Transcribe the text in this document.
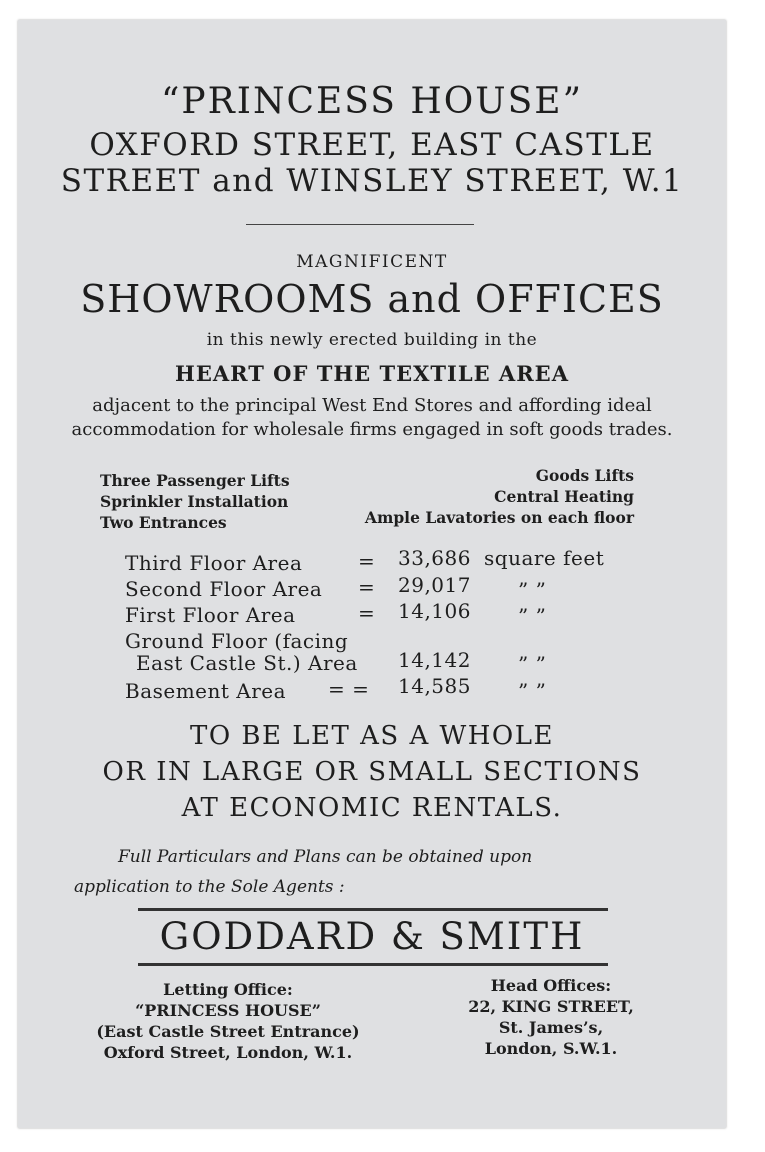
“PRINCESS HOUSE”
OXFORD STREET, EAST CASTLE
STREET and WINSLEY STREET, W.1
MAGNIFICENT
SHOWROOMS and OFFICES
in this newly erected building in the
HEART OF THE TEXTILE AREA
adjacent to the principal West End Stores and affording ideal accommodation for wholesale firms engaged in soft goods trades.
Three Passenger Lifts
Sprinkler Installation
Two Entrances
Goods Lifts
Central Heating
Ample Lavatories on each floor
Third Floor Area	= 33,686 square feet
Second Floor Area = 29,017 ” ”
First Floor Area	= 14,106 ” ”
Ground Floor (facing
East Castle St.) Area 14,142 ” ”
Basement Area = = 14,585 ” ”
TO BE LET AS A WHOLE
OR IN LARGE OR SMALL SECTIONS
AT ECONOMIC RENTALS.
Full Particulars and Plans can be obtained upon
application to the Sole Agents :
GODDARD & SMITH
Letting Office:
“PRINCESS HOUSE”
(East Castle Street Entrance)
Oxford Street, London, W.1.
Head Offices:
22, KING STREET,
St. James’s,
London, S.W.1.
